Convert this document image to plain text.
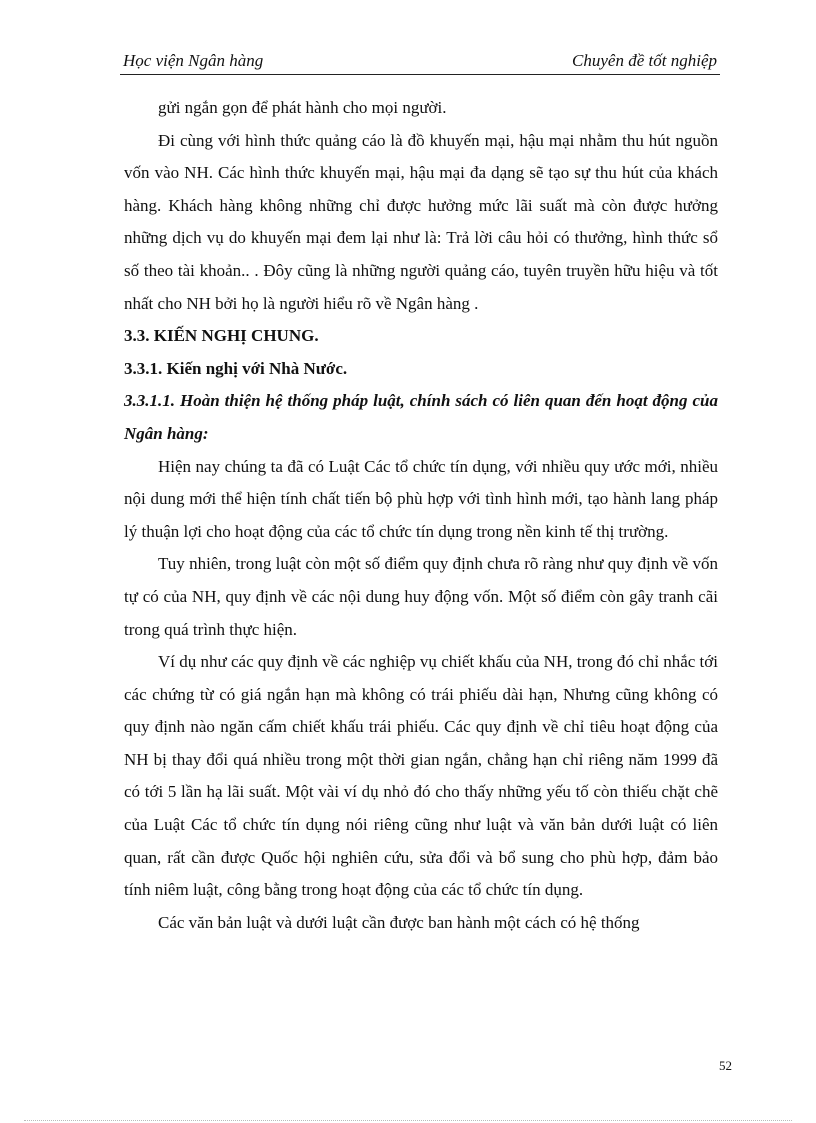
Học viện Ngân hàng	Chuyên đề tốt nghiệp

gửi ngắn gọn để phát hành cho mọi người.

Đi cùng với hình thức quảng cáo là đồ khuyến mại, hậu mại nhằm thu hút nguồn vốn vào NH. Các hình thức khuyến mại, hậu mại đa dạng sẽ tạo sự thu hút của khách hàng. Khách hàng không những chỉ được hưởng mức lãi suất mà còn được hưởng những dịch vụ do khuyến mại đem lại như là: Trả lời câu hỏi có thưởng, hình thức sổ số theo tài khoản.. . Đôy cũng là những người quảng cáo, tuyên truyền hữu hiệu và tốt nhất cho NH bởi họ là người hiểu rõ về Ngân hàng .

3.3. KIẾN NGHỊ CHUNG.

3.3.1. Kiến nghị với Nhà Nước.

3.3.1.1. Hoàn thiện hệ thống pháp luật, chính sách có liên quan đến hoạt động của Ngân hàng:

Hiện nay chúng ta đã có Luật Các tổ chức tín dụng, với nhiều quy ước mới, nhiều nội dung mới thể hiện tính chất tiến bộ phù hợp với tình hình mới, tạo hành lang pháp lý thuận lợi cho hoạt động của các tổ chức tín dụng trong nền kinh tế thị trường.

Tuy nhiên, trong luật còn một số điểm quy định chưa rõ ràng như quy định về vốn tự có của NH, quy định về các nội dung huy động vốn. Một số điểm còn gây tranh cãi trong quá trình thực hiện.

Ví dụ như các quy định về các nghiệp vụ chiết khấu của NH, trong đó chỉ nhắc tới các chứng từ có giá ngắn hạn mà không có trái phiếu dài hạn, Nhưng cũng không có quy định nào ngăn cấm chiết khấu trái phiếu. Các quy định về chỉ tiêu hoạt động của NH bị thay đổi quá nhiều trong một thời gian ngắn, chẳng hạn chỉ riêng năm 1999 đã có tới 5 lần hạ lãi suất. Một vài ví dụ nhỏ đó cho thấy những yếu tố còn thiếu chặt chẽ của Luật Các tổ chức tín dụng nói riêng cũng như luật và văn bản dưới luật có liên quan, rất cần được Quốc hội nghiên cứu, sửa đổi và bổ sung cho phù hợp, đảm bảo tính niêm luật, công bằng trong hoạt động của các tổ chức tín dụng.

Các văn bản luật và dưới luật cần được ban hành một cách có hệ thống

52
